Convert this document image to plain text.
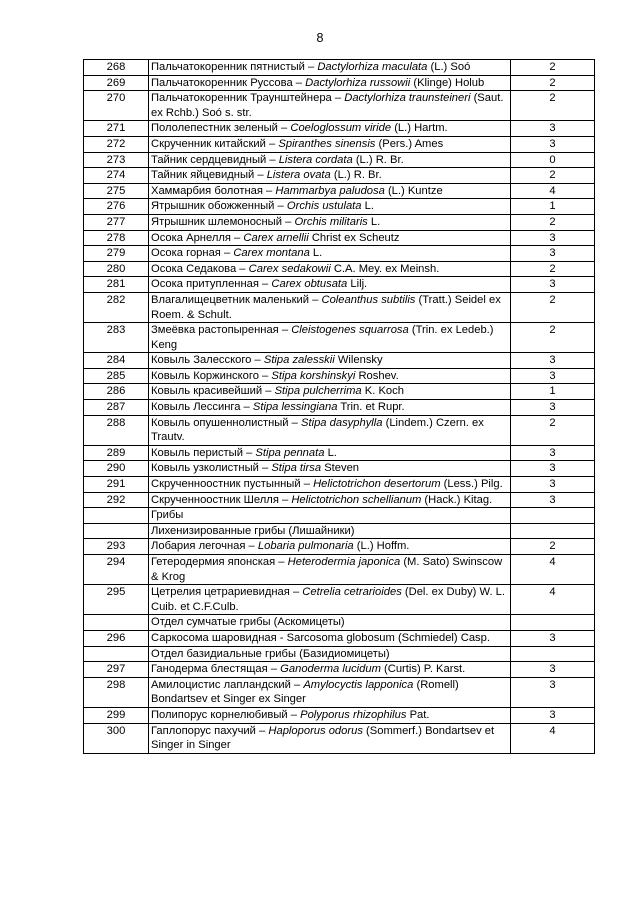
8
268	Пальчатокоренник пятнистый – Dactylorhiza maculata (L.) Soó	2
269	Пальчатокоренник Руссова – Dactylorhiza russowii (Klinge) Holub	2
270	Пальчатокоренник Траунштейнера – Dactylorhiza traunsteineri (Saut. ex Rchb.) Soó s. str.	2
271	Пололепестник зеленый – Coeloglossum viride (L.) Hartm.	3
272	Скрученник китайский – Spiranthes sinensis (Pers.) Ames	3
273	Тайник сердцевидный – Listera cordata (L.) R. Br.	0
274	Тайник яйцевидный – Listera ovata (L.) R. Br.	2
275	Хаммарбия болотная – Hammarbya paludosa (L.) Kuntze	4
276	Ятрышник обожженный – Orchis ustulata L.	1
277	Ятрышник шлемоносный – Orchis militaris L.	2
278	Осока Арнелля – Carex arnellii Christ ex Scheutz	3
279	Осока горная – Carex montana L.	3
280	Осока Седакова – Carex sedakowii C.A. Mey. ex Meinsh.	2
281	Осока притупленная – Carex obtusata Lilj.	3
282	Влагалищецветник маленький – Coleanthus subtilis (Tratt.) Seidel ex Roem. & Schult.	2
283	Змеёвка растопыренная – Cleistogenes squarrosa (Trin. ex Ledeb.) Keng	2
284	Ковыль Залесского – Stipa zalesskii Wilensky	3
285	Ковыль Коржинского – Stipa korshinskyi Roshev.	3
286	Ковыль красивейший – Stipa pulcherrima K. Koch	1
287	Ковыль Лессинга – Stipa lessingiana Trin. et Rupr.	3
288	Ковыль опушеннолистный – Stipa dasyphylla (Lindem.) Czern. ex Trautv.	2
289	Ковыль перистый – Stipa pennata L.	3
290	Ковыль узколистный – Stipa tirsa Steven	3
291	Скрученноостник пустынный – Helictotrichon desertorum (Less.) Pilg.	3
292	Скрученноостник Шелля – Helictotrichon schellianum (Hack.) Kitag.	3
	Грибы	
	Лихенизированные грибы (Лишайники)	
293	Лобария легочная – Lobaria pulmonaria (L.) Hoffm.	2
294	Гетеродермия японская – Heterodermia japonica (M. Sato) Swinscow & Krog	4
295	Цетрелия цетрариевидная – Cetrelia cetrarioides (Del. ex Duby) W. L. Cuib. et C.F.Culb.	4
	Отдел сумчатые грибы (Аскомицеты)	
296	Саркосома шаровидная - Sarcosoma globosum (Schmiedel) Casp.	3
	Отдел базидиальные грибы (Базидиомицеты)	
297	Ганодерма блестящая – Ganoderma lucidum (Curtis) P. Karst.	3
298	Амилоцистис лапландский – Amylocyctis lapponica (Romell) Bondartsev et Singer ex Singer	3
299	Полипорус корнелюбивый – Polyporus rhizophilus Pat.	3
300	Гаплопорус пахучий – Haploporus odorus (Sommerf.) Bondartsev et Singer in Singer	4
